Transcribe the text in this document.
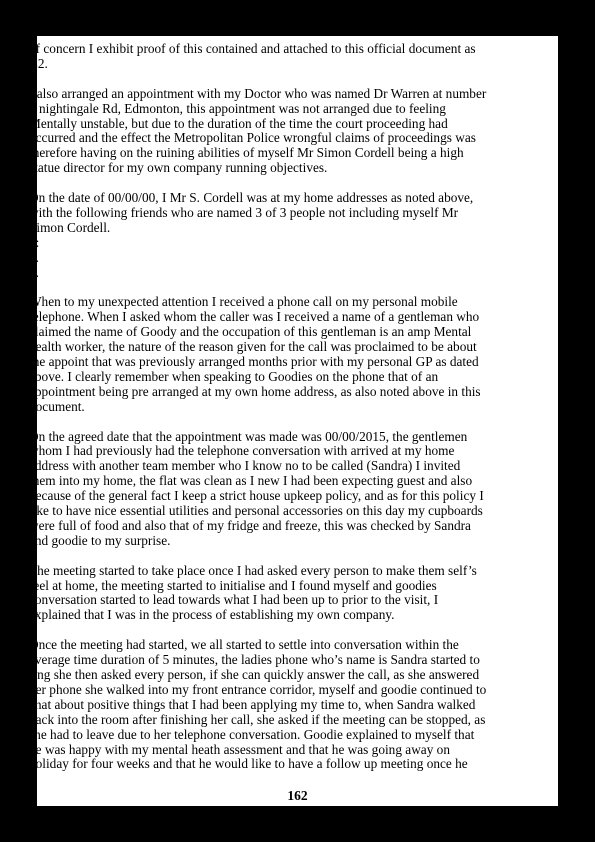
of concern I exhibit proof of this contained and attached to this official document as
C2.

I also arranged an appointment with my Doctor who was named Dr Warren at number
1 nightingale Rd, Edmonton, this appointment was not arranged due to feeling
Mentally unstable, but due to the duration of the time the court proceeding had
occurred and the effect the Metropolitan Police wrongful claims of proceedings was
therefore having on the ruining abilities of myself Mr Simon Cordell being a high
statue director for my own company running objectives.

On the date of 00/00/00, I Mr S. Cordell was at my home addresses as noted above,
with the following friends who are named 3 of 3 people not including myself Mr
Simon Cordell.
1:
2.
3.

When to my unexpected attention I received a phone call on my personal mobile
telephone. When I asked whom the caller was I received a name of a gentleman who
claimed the name of Goody and the occupation of this gentleman is an amp Mental
health worker, the nature of the reason given for the call was proclaimed to be about
the appoint that was previously arranged months prior with my personal GP as dated
above. I clearly remember when speaking to Goodies on the phone that of an
appointment being pre arranged at my own home address, as also noted above in this
document.

On the agreed date that the appointment was made was 00/00/2015, the gentlemen
whom I had previously had the telephone conversation with arrived at my home
address with another team member who I know no to be called (Sandra) I invited
them into my home, the flat was clean as I new I had been expecting guest and also
because of the general fact I keep a strict house upkeep policy, and as for this policy I
like to have nice essential utilities and personal accessories on this day my cupboards
were full of food and also that of my fridge and freeze, this was checked by Sandra
and goodie to my surprise.

The meeting started to take place once I had asked every person to make them self’s
feel at home, the meeting started to initialise and I found myself and goodies
conversation started to lead towards what I had been up to prior to the visit, I
explained that I was in the process of establishing my own company.

Once the meeting had started, we all started to settle into conversation within the
average time duration of 5 minutes, the ladies phone who’s name is Sandra started to
ring she then asked every person, if she can quickly answer the call, as she answered
her phone she walked into my front entrance corridor, myself and goodie continued to
chat about positive things that I had been applying my time to, when Sandra walked
back into the room after finishing her call, she asked if the meeting can be stopped, as
she had to leave due to her telephone conversation. Goodie explained to myself that
he was happy with my mental heath assessment and that he was going away on
holiday for four weeks and that he would like to have a follow up meeting once he

162
